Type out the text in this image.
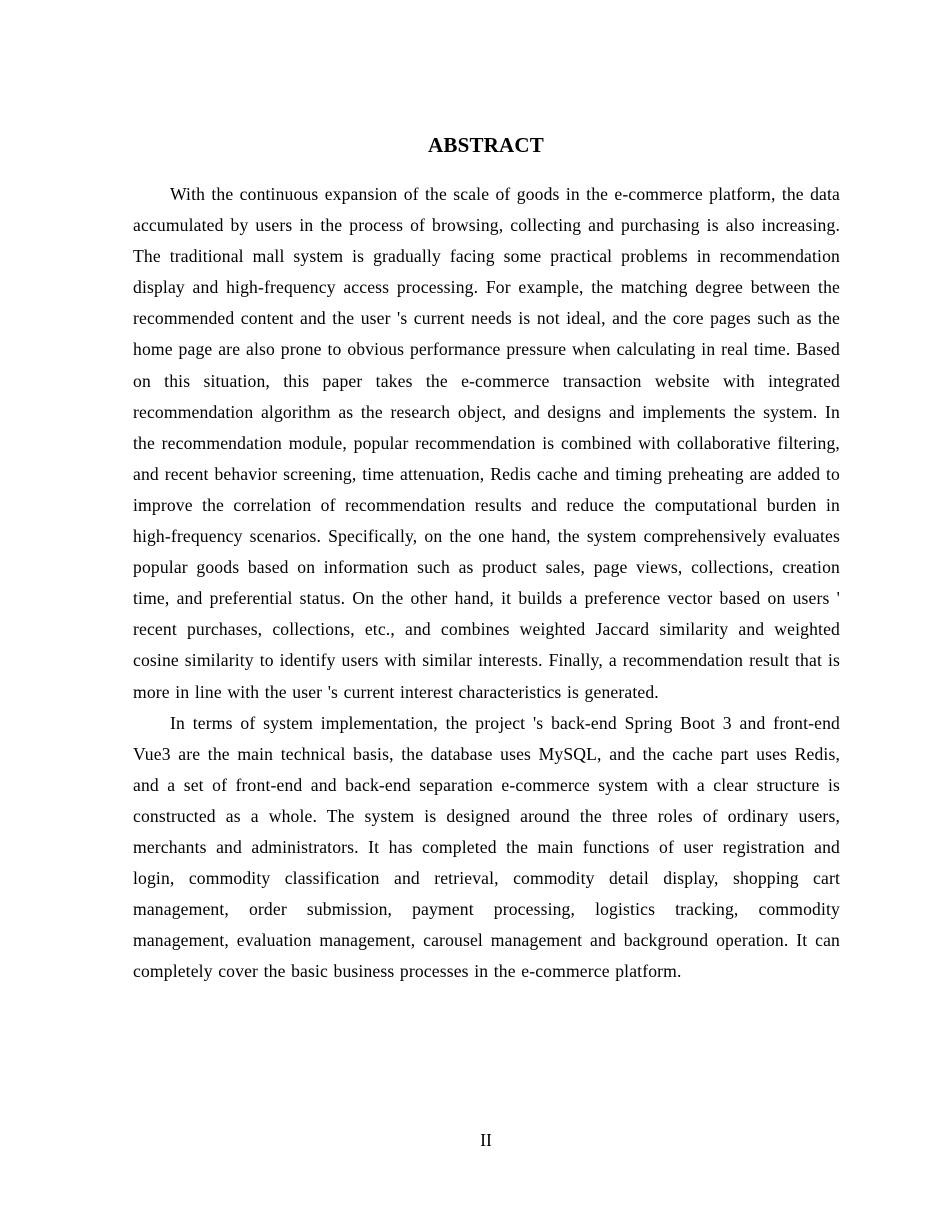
ABSTRACT

With the continuous expansion of the scale of goods in the e-commerce platform, the data accumulated by users in the process of browsing, collecting and purchasing is also increasing. The traditional mall system is gradually facing some practical problems in recommendation display and high-frequency access processing. For example, the matching degree between the recommended content and the user 's current needs is not ideal, and the core pages such as the home page are also prone to obvious performance pressure when calculating in real time. Based on this situation, this paper takes the e-commerce transaction website with integrated recommendation algorithm as the research object, and designs and implements the system. In the recommendation module, popular recommendation is combined with collaborative filtering, and recent behavior screening, time attenuation, Redis cache and timing preheating are added to improve the correlation of recommendation results and reduce the computational burden in high-frequency scenarios. Specifically, on the one hand, the system comprehensively evaluates popular goods based on information such as product sales, page views, collections, creation time, and preferential status. On the other hand, it builds a preference vector based on users ' recent purchases, collections, etc., and combines weighted Jaccard similarity and weighted cosine similarity to identify users with similar interests. Finally, a recommendation result that is more in line with the user 's current interest characteristics is generated.

In terms of system implementation, the project 's back-end Spring Boot 3 and front-end Vue3 are the main technical basis, the database uses MySQL, and the cache part uses Redis, and a set of front-end and back-end separation e-commerce system with a clear structure is constructed as a whole. The system is designed around the three roles of ordinary users, merchants and administrators. It has completed the main functions of user registration and login, commodity classification and retrieval, commodity detail display, shopping cart management, order submission, payment processing, logistics tracking, commodity management, evaluation management, carousel management and background operation. It can completely cover the basic business processes in the e-commerce platform.

II
